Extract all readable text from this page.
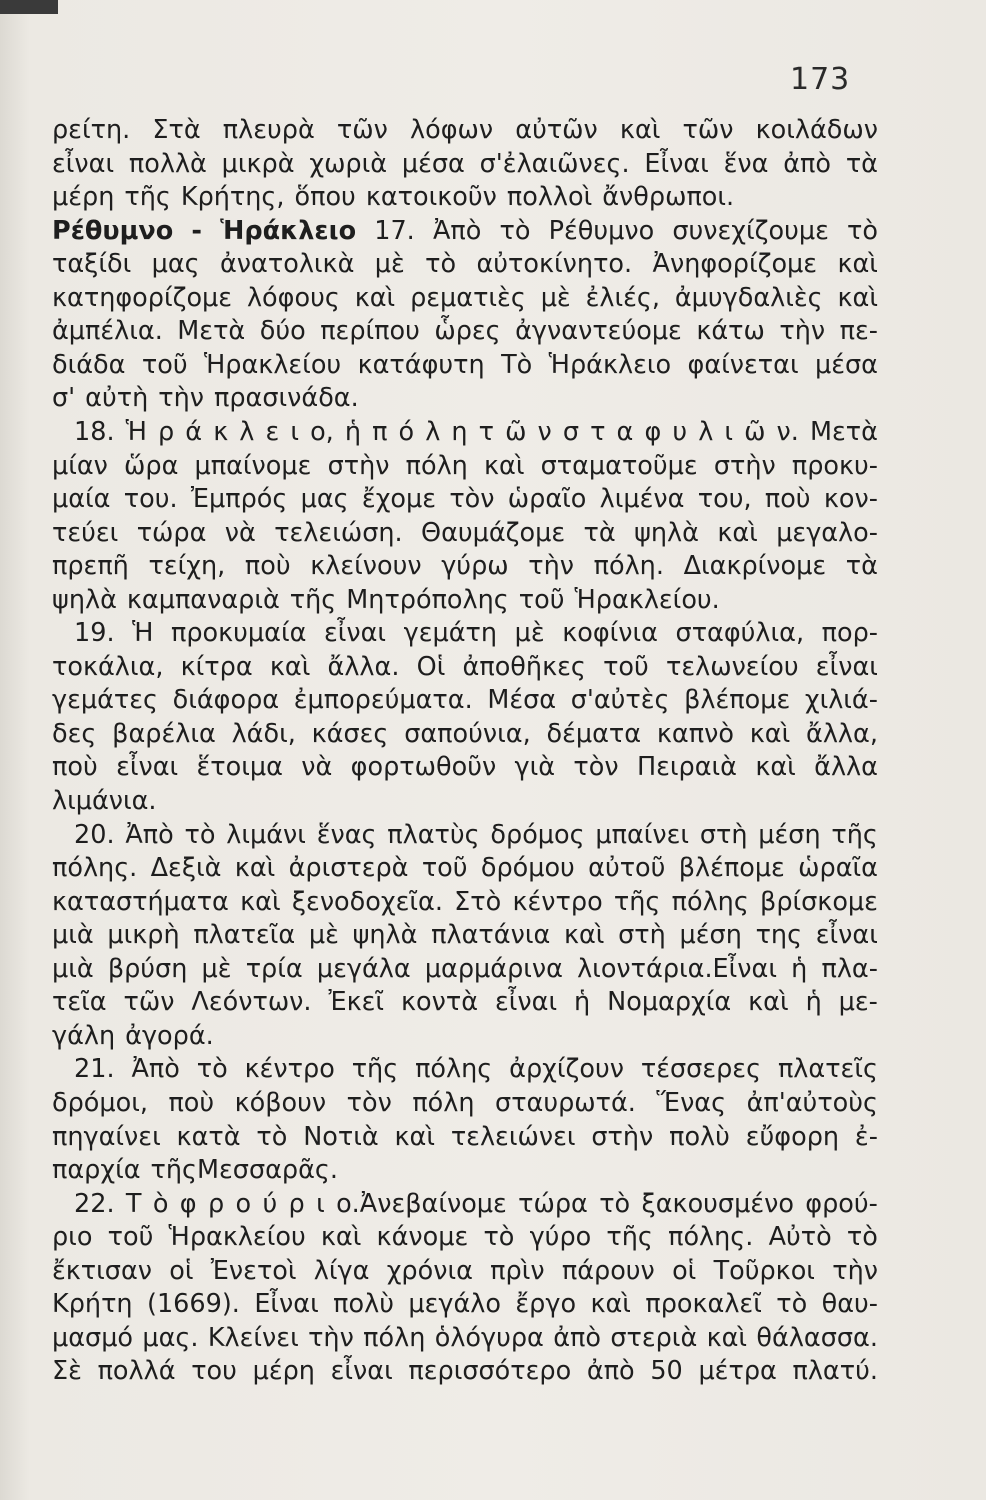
173
ρείτη. Στὰ πλευρὰ τῶν λόφων αὐτῶν καὶ τῶν κοιλάδων
εἶναι πολλὰ μικρὰ χωριὰ μέσα σ'ἐλαιῶνες. Εἶναι ἕνα ἀπὸ τὰ
μέρη τῆς Κρήτης, ὅπου κατοικοῦν πολλοὶ ἄνθρωποι.
Ρέθυμνο - Ἡράκλειο 17. Ἀπὸ τὸ Ρέθυμνο συνεχίζουμε τὸ
ταξίδι μας ἀνατολικὰ μὲ τὸ αὐτοκίνητο. Ἀνηφορίζομε καὶ
κατηφορίζομε λόφους καὶ ρεματιὲς μὲ ἐλιές, ἀμυγδαλιὲς καὶ
ἀμπέλια. Μετὰ δύο περίπου ὧρες ἀγναντεύομε κάτω τὴν πε-
διάδα τοῦ Ἡρακλείου κατάφυτη Τὸ Ἡράκλειο φαίνεται μέσα
σ' αὐτὴ τὴν πρασινάδα.
18. Ἡ ρ ά κ λ ε ι ο, ἡ π ό λ η τ ῶ ν σ τ α φ υ λ ι ῶ ν. Μετὰ
μίαν ὥρα μπαίνομε στὴν πόλη καὶ σταματοῦμε στὴν προκυ-
μαία του. Ἐμπρός μας ἔχομε τὸν ὡραῖο λιμένα του, ποὺ κον-
τεύει τώρα νὰ τελειώση. Θαυμάζομε τὰ ψηλὰ καὶ μεγαλο-
πρεπῆ τείχη, ποὺ κλείνουν γύρω τὴν πόλη. Διακρίνομε τὰ
ψηλὰ καμπαναριὰ τῆς Μητρόπολης τοῦ Ἡρακλείου.
19. Ἡ προκυμαία εἶναι γεμάτη μὲ κοφίνια σταφύλια, πορ-
τοκάλια, κίτρα καὶ ἄλλα. Οἱ ἀποθῆκες τοῦ τελωνείου εἶναι
γεμάτες διάφορα ἐμπορεύματα. Μέσα σ'αὐτὲς βλέπομε χιλιά-
δες βαρέλια λάδι, κάσες σαπούνια, δέματα καπνὸ καὶ ἄλλα,
ποὺ εἶναι ἕτοιμα νὰ φορτωθοῦν γιὰ τὸν Πειραιὰ καὶ ἄλλα
λιμάνια.
20. Ἀπὸ τὸ λιμάνι ἕνας πλατὺς δρόμος μπαίνει στὴ μέση τῆς
πόλης. Δεξιὰ καὶ ἀριστερὰ τοῦ δρόμου αὐτοῦ βλέπομε ὡραῖα
καταστήματα καὶ ξενοδοχεῖα. Στὸ κέντρο τῆς πόλης βρίσκομε
μιὰ μικρὴ πλατεῖα μὲ ψηλὰ πλατάνια καὶ στὴ μέση της εἶναι
μιὰ βρύση μὲ τρία μεγάλα μαρμάρινα λιοντάρια.Εἶναι ἡ πλα-
τεῖα τῶν Λεόντων. Ἐκεῖ κοντὰ εἶναι ἡ Νομαρχία καὶ ἡ με-
γάλη ἀγορά.
21. Ἀπὸ τὸ κέντρο τῆς πόλης ἀρχίζουν τέσσερες πλατεῖς
δρόμοι, ποὺ κόβουν τὸν πόλη σταυρωτά. Ἕνας ἀπ'αὐτοὺς
πηγαίνει κατὰ τὸ Νοτιὰ καὶ τελειώνει στὴν πολὺ εὔφορη ἐ-
παρχία τῆςΜεσσαρᾶς.
22. Τ ὸ φ ρ ο ύ ρ ι ο.Ἀνεβαίνομε τώρα τὸ ξακουσμένο φρού-
ριο τοῦ Ἡρακλείου καὶ κάνομε τὸ γύρο τῆς πόλης. Αὐτὸ τὸ
ἔκτισαν οἱ Ἐνετοὶ λίγα χρόνια πρὶν πάρουν οἱ Τοῦρκοι τὴν
Κρήτη (1669). Εἶναι πολὺ μεγάλο ἔργο καὶ προκαλεῖ τὸ θαυ-
μασμό μας. Κλείνει τὴν πόλη ὁλόγυρα ἀπὸ στεριὰ καὶ θάλασσα.
Σὲ πολλά του μέρη εἶναι περισσότερο ἀπὸ 50 μέτρα πλατύ.
